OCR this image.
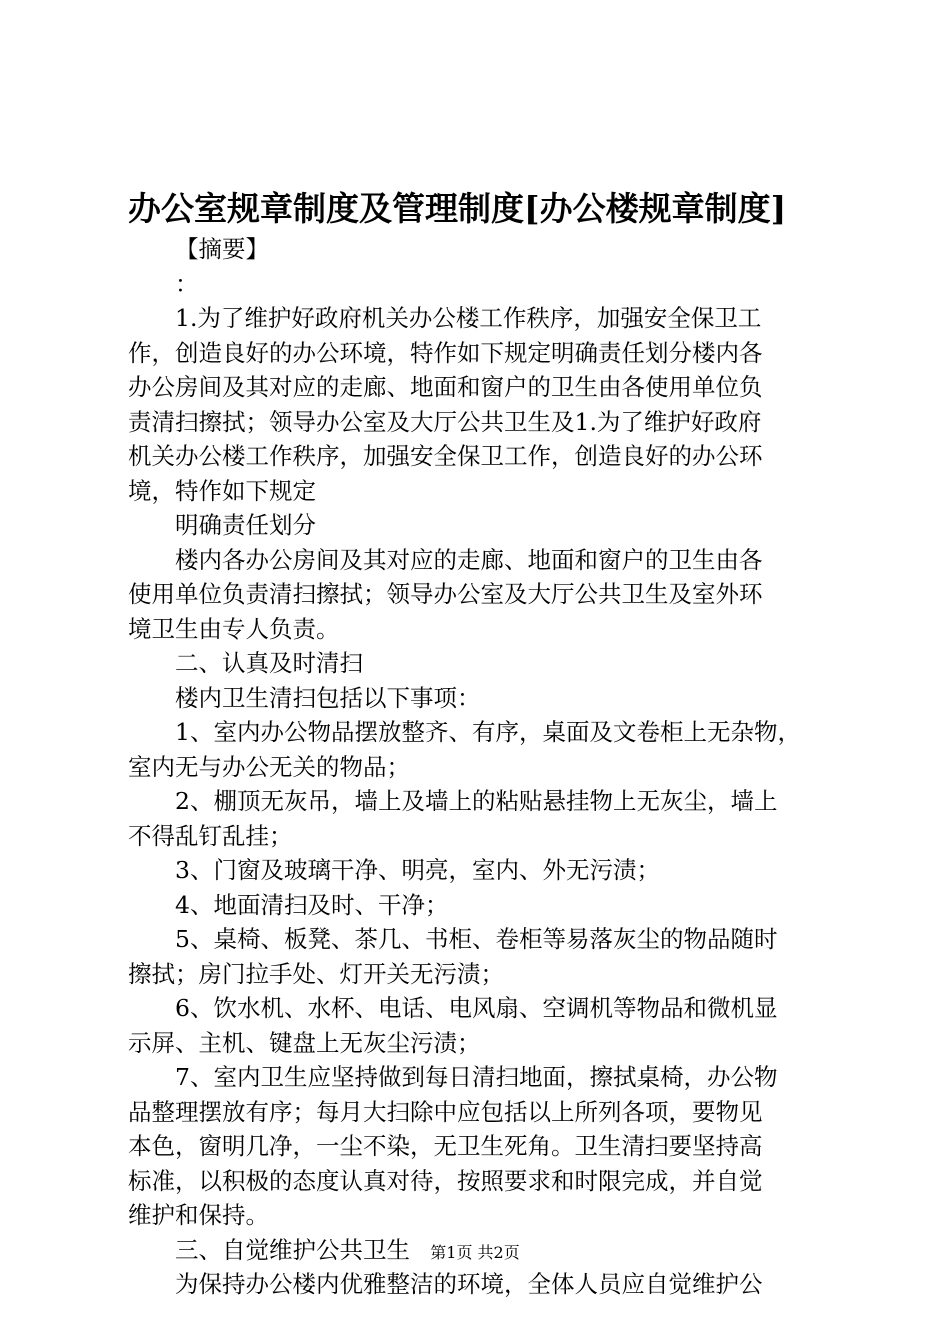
办公室规章制度及管理制度[办公楼规章制度]
【摘要】
：
1.为了维护好政府机关办公楼工作秩序，加强安全保卫工
作，创造良好的办公环境，特作如下规定明确责任划分楼内各
办公房间及其对应的走廊、地面和窗户的卫生由各使用单位负
责清扫擦拭；领导办公室及大厅公共卫生及1.为了维护好政府
机关办公楼工作秩序，加强安全保卫工作，创造良好的办公环
境，特作如下规定
明确责任划分
楼内各办公房间及其对应的走廊、地面和窗户的卫生由各
使用单位负责清扫擦拭；领导办公室及大厅公共卫生及室外环
境卫生由专人负责。
二、认真及时清扫
楼内卫生清扫包括以下事项：
1、室内办公物品摆放整齐、有序，桌面及文卷柜上无杂物，
室内无与办公无关的物品；
2、棚顶无灰吊，墙上及墙上的粘贴悬挂物上无灰尘，墙上
不得乱钉乱挂；
3、门窗及玻璃干净、明亮，室内、外无污渍；
4、地面清扫及时、干净；
5、桌椅、板凳、茶几、书柜、卷柜等易落灰尘的物品随时
擦拭；房门拉手处、灯开关无污渍；
6、饮水机、水杯、电话、电风扇、空调机等物品和微机显
示屏、主机、键盘上无灰尘污渍；
7、室内卫生应坚持做到每日清扫地面，擦拭桌椅，办公物
品整理摆放有序；每月大扫除中应包括以上所列各项，要物见
本色，窗明几净，一尘不染，无卫生死角。卫生清扫要坚持高
标准，以积极的态度认真对待，按照要求和时限完成，并自觉
维护和保持。
三、自觉维护公共卫生
为保持办公楼内优雅整洁的环境，全体人员应自觉维护公
第1页 共2页
